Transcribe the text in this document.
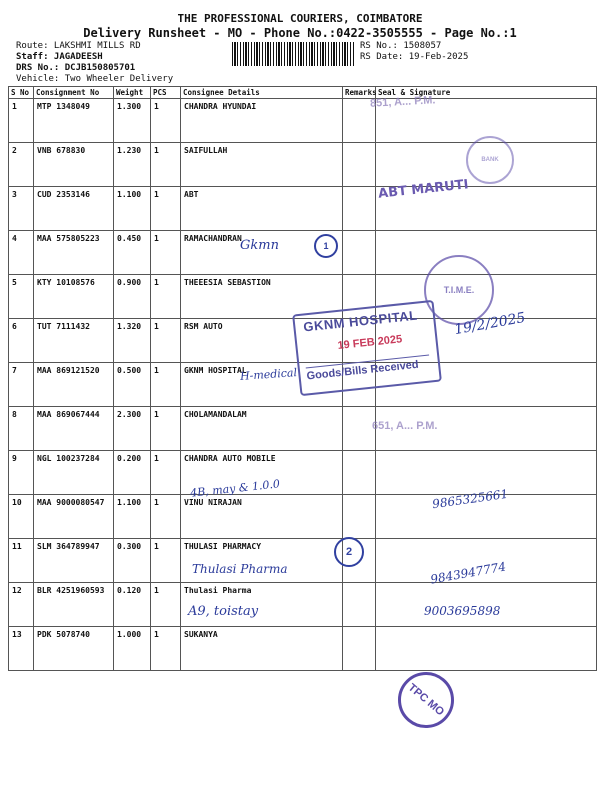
THE PROFESSIONAL COURIERS, COIMBATORE
Delivery Runsheet - MO - Phone No.:0422-3505555 - Page No.:1
Route: LAKSHMI MILLS RD
Staff: JAGADEESH
DRS No.: DCJB150805701
Vehicle: Two Wheeler Delivery
RS No.: 1508057
RS Date: 19-Feb-2025
S No	Consignment No	Weight	PCS	Consignee Details	Remarks	Seal & Signature
1	MTP 1348049	1.300	1	CHANDRA HYUNDAI		
2	VNB 678830	1.230	1	SAIFULLAH		
3	CUD 2353146	1.100	1	ABT		
4	MAA 575805223	0.450	1	RAMACHANDRAN		
5	KTY 10108576	0.900	1	THEEESIA SEBASTION		
6	TUT 7111432	1.320	1	RSM AUTO		
7	MAA 869121520	0.500	1	GKNM HOSPITAL		
8	MAA 869067444	2.300	1	CHOLAMANDALAM		
9	NGL 100237284	0.200	1	CHANDRA AUTO MOBILE		
10	MAA 9000080547	1.100	1	VINU NIRAJAN		
11	SLM 364789947	0.300	1	THULASI PHARMACY		
12	BLR 4251960593	0.120	1	Thulasi Pharma		
13	PDK 5078740	1.000	1	SUKANYA		
851, A... P.M.
BANK
ABT MARUTI
Gkmn	1
T.I.M.E.
19/2/2025
H-medical
GKNM HOSPITAL
19 FEB 2025
Goods/Bills Received
651, A... P.M.
4B, may & 1.0.0	9865325661
2
Thulasi Pharma	9843947774
A9, toistay	9003695898
TPC MO
